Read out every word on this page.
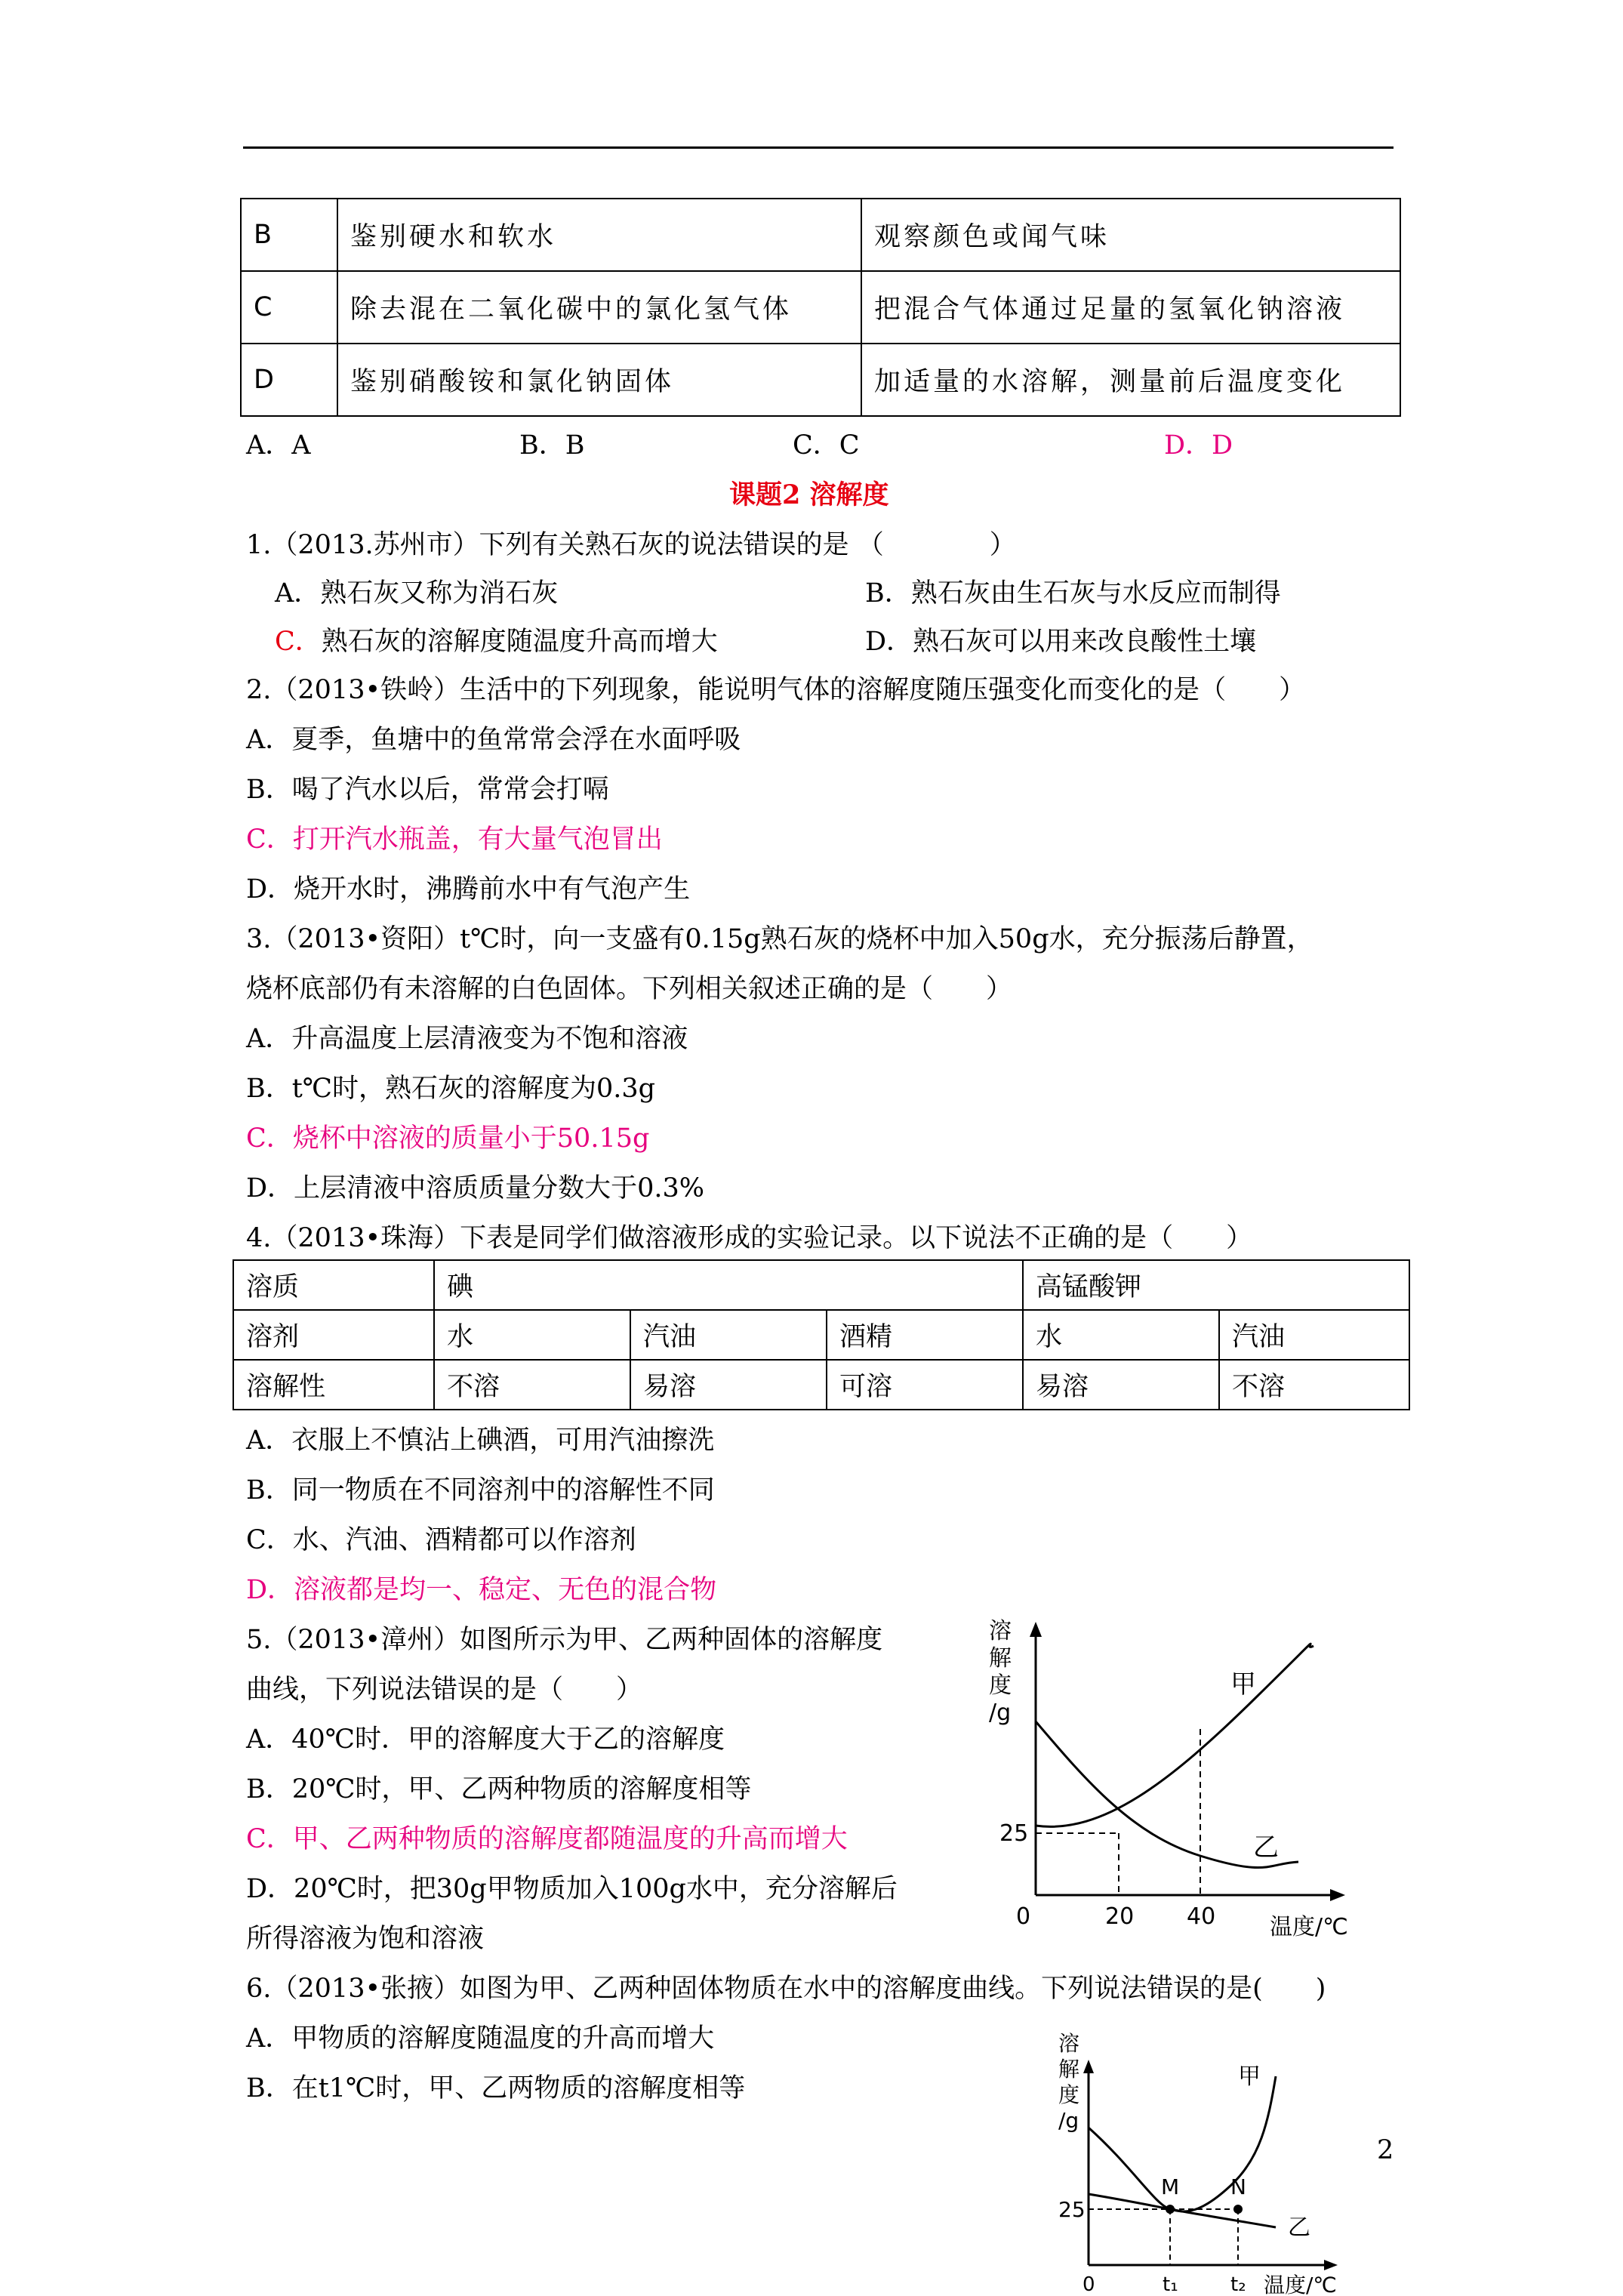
B	鉴别硬水和软水	观察颜色或闻气味
C	除去混在二氧化碳中的氯化氢气体	把混合气体通过足量的氢氧化钠溶液
D	鉴别硝酸铵和氯化钠固体	加适量的水溶解，测量前后温度变化
A．A	B．B	C．C	D．D
课题2 溶解度
1.（2013.苏州市）下列有关熟石灰的说法错误的是 （　　　　）
A．熟石灰又称为消石灰	B．熟石灰由生石灰与水反应而制得
C．熟石灰的溶解度随温度升高而增大	D．熟石灰可以用来改良酸性土壤
2.（2013•铁岭）生活中的下列现象，能说明气体的溶解度随压强变化而变化的是（　　）
A．夏季，鱼塘中的鱼常常会浮在水面呼吸
B．喝了汽水以后，常常会打嗝
C．打开汽水瓶盖，有大量气泡冒出
D．烧开水时，沸腾前水中有气泡产生
3.（2013•资阳）t℃时，向一支盛有0.15g熟石灰的烧杯中加入50g水，充分振荡后静置，
烧杯底部仍有未溶解的白色固体。下列相关叙述正确的是（　　）
A．升高温度上层清液变为不饱和溶液
B．t℃时，熟石灰的溶解度为0.3g
C．烧杯中溶液的质量小于50.15g
D．上层清液中溶质质量分数大于0.3%
4.（2013•珠海）下表是同学们做溶液形成的实验记录。以下说法不正确的是（　　）
溶质	碘			高锰酸钾	
溶剂	水	汽油	酒精	水	汽油
溶解性	不溶	易溶	可溶	易溶	不溶
A．衣服上不慎沾上碘酒，可用汽油擦洗
B．同一物质在不同溶剂中的溶解性不同
C．水、汽油、酒精都可以作溶剂
D．溶液都是均一、稳定、无色的混合物
5.（2013•漳州）如图所示为甲、乙两种固体的溶解度
曲线，下列说法错误的是（　　）
A．40℃时．甲的溶解度大于乙的溶解度
B．20℃时，甲、乙两种物质的溶解度相等
C．甲、乙两种物质的溶解度都随温度的升高而增大
D．20℃时，把30g甲物质加入100g水中，充分溶解后
所得溶液为饱和溶液
溶
解
度
/g
25
0	20 40 温度/℃
甲
乙
6.（2013•张掖）如图为甲、乙两种固体物质在水中的溶解度曲线。下列说法错误的是(　　)
A．甲物质的溶解度随温度的升高而增大
B．在t1℃时，甲、乙两物质的溶解度相等
溶
解
度
/g
M N
25
0	t₁	t₂ 温度/℃
甲
乙
2
